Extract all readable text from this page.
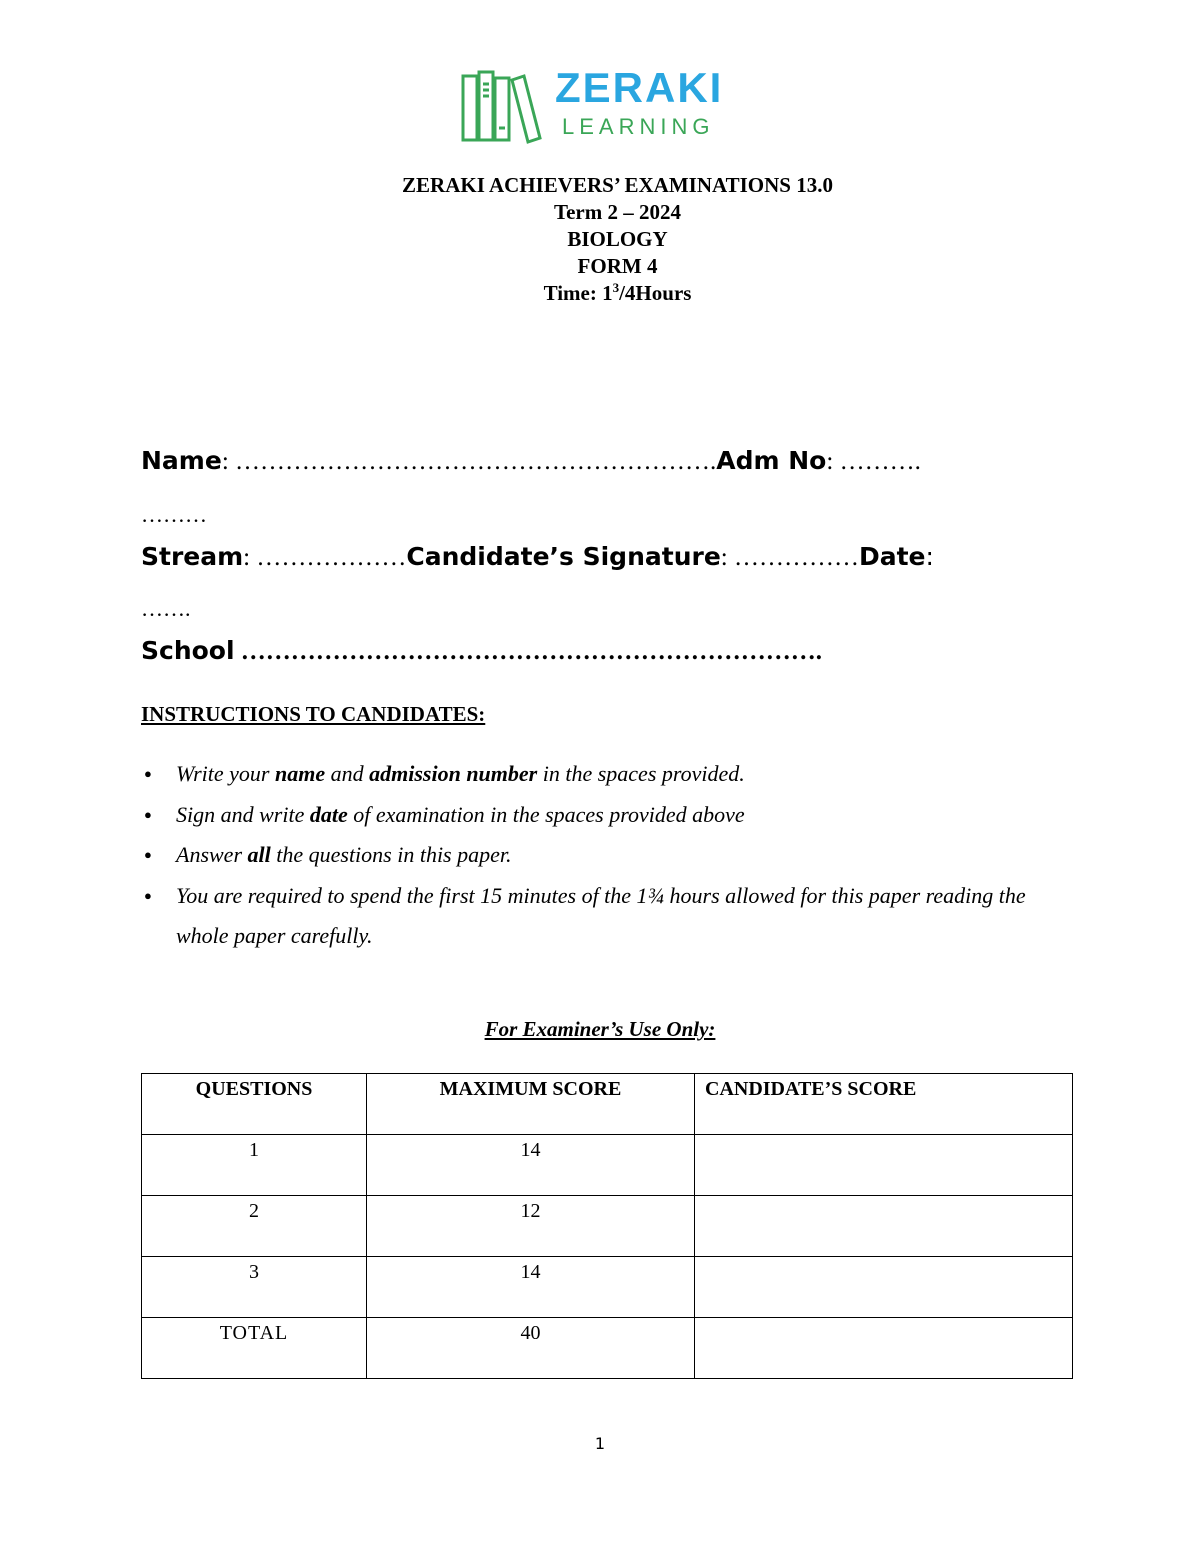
ZERAKI
LEARNING
ZERAKI ACHIEVERS’ EXAMINATIONS 13.0
Term 2 – 2024
BIOLOGY
FORM 4
Time: $1^3/4Hours$
Name: ………………………………………………….Adm No: ……….
………
Stream: ………………Candidate’s Signature: ……………Date:
…….
School …………………………………………………………….
INSTRUCTIONS TO CANDIDATES:
● Write your name and admission number in the spaces provided.
● Sign and write date of examination in the spaces provided above
● Answer all the questions in this paper.
● You are required to spend the first 15 minutes of the 1¾ hours allowed for this paper reading the whole paper carefully.
For Examiner’s Use Only:
QUESTIONS	MAXIMUM SCORE	CANDIDATE’S SCORE
1	14	
2	12	
3	14	
TOTAL	40	
1
